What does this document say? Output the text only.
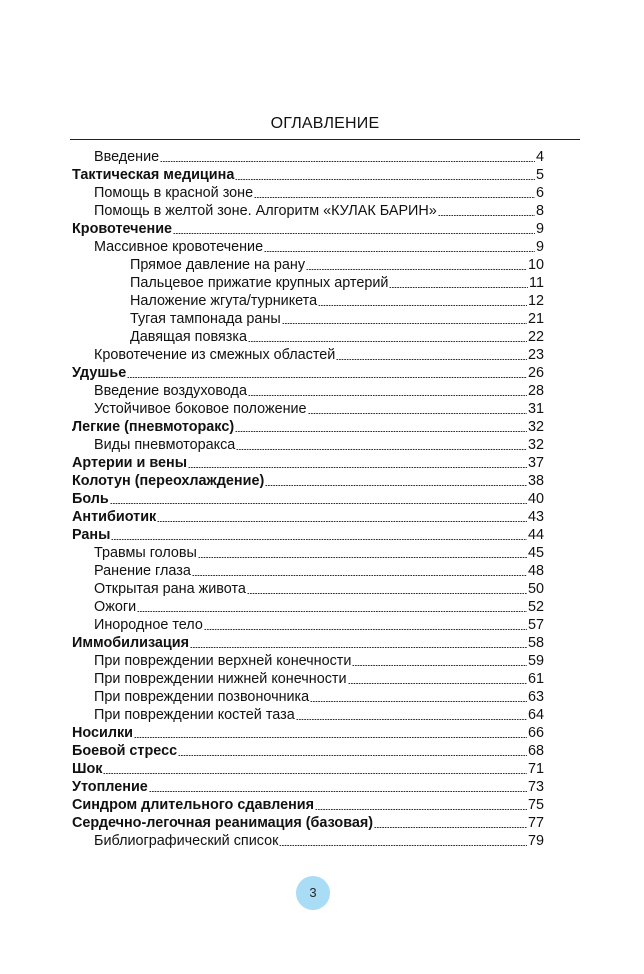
ОГЛАВЛЕНИЕ
Введение	4
Тактическая медицина	5
Помощь в красной зоне	6
Помощь в желтой зоне. Алгоритм «КУЛАК БАРИН»	8
Кровотечение	9
Массивное кровотечение	9
Прямое давление на рану	10
Пальцевое прижатие крупных артерий	11
Наложение жгута/турникета	12
Тугая тампонада раны	21
Давящая повязка	22
Кровотечение из смежных областей	23
Удушье	26
Введение воздуховода	28
Устойчивое боковое положение	31
Легкие (пневмоторакс)	32
Виды пневмоторакса	32
Артерии и вены	37
Колотун (переохлаждение)	38
Боль	40
Антибиотик	43
Раны	44
Травмы головы	45
Ранение глаза	48
Открытая рана живота	50
Ожоги	52
Инородное тело	57
Иммобилизация	58
При повреждении верхней конечности	59
При повреждении нижней конечности	61
При повреждении позвоночника	63
При повреждении костей таза	64
Носилки	66
Боевой стресс	68
Шок	71
Утопление	73
Синдром длительного сдавления	75
Сердечно-легочная реанимация (базовая)	77
Библиографический список	79
3
